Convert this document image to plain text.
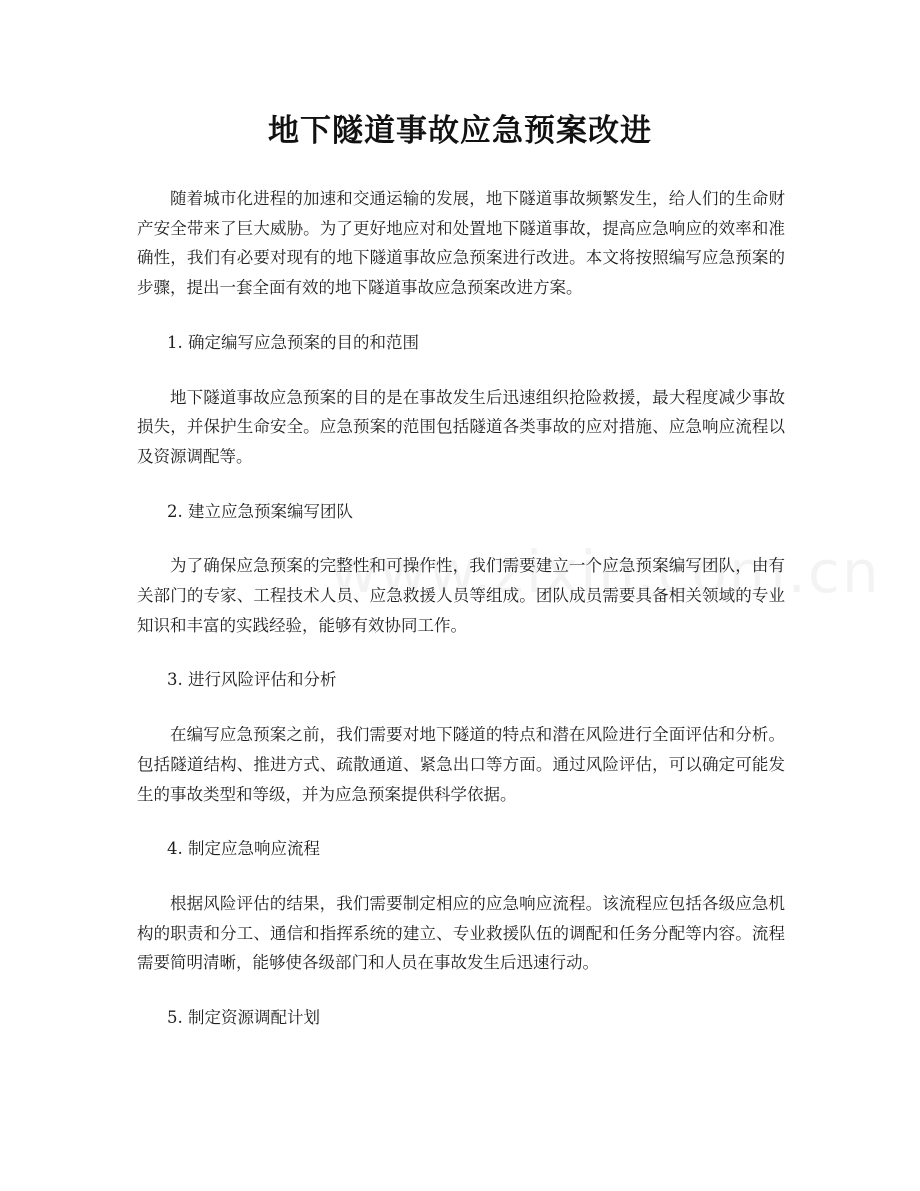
地下隧道事故应急预案改进

随着城市化进程的加速和交通运输的发展，地下隧道事故频繁发生，给人们的生命财产安全带来了巨大威胁。为了更好地应对和处置地下隧道事故，提高应急响应的效率和准确性，我们有必要对现有的地下隧道事故应急预案进行改进。本文将按照编写应急预案的步骤，提出一套全面有效的地下隧道事故应急预案改进方案。

1. 确定编写应急预案的目的和范围

地下隧道事故应急预案的目的是在事故发生后迅速组织抢险救援，最大程度减少事故损失，并保护生命安全。应急预案的范围包括隧道各类事故的应对措施、应急响应流程以及资源调配等。

2. 建立应急预案编写团队

为了确保应急预案的完整性和可操作性，我们需要建立一个应急预案编写团队，由有关部门的专家、工程技术人员、应急救援人员等组成。团队成员需要具备相关领域的专业知识和丰富的实践经验，能够有效协同工作。

3. 进行风险评估和分析

在编写应急预案之前，我们需要对地下隧道的特点和潜在风险进行全面评估和分析。包括隧道结构、推进方式、疏散通道、紧急出口等方面。通过风险评估，可以确定可能发生的事故类型和等级，并为应急预案提供科学依据。

4. 制定应急响应流程

根据风险评估的结果，我们需要制定相应的应急响应流程。该流程应包括各级应急机构的职责和分工、通信和指挥系统的建立、专业救援队伍的调配和任务分配等内容。流程需要简明清晰，能够使各级部门和人员在事故发生后迅速行动。

5. 制定资源调配计划
